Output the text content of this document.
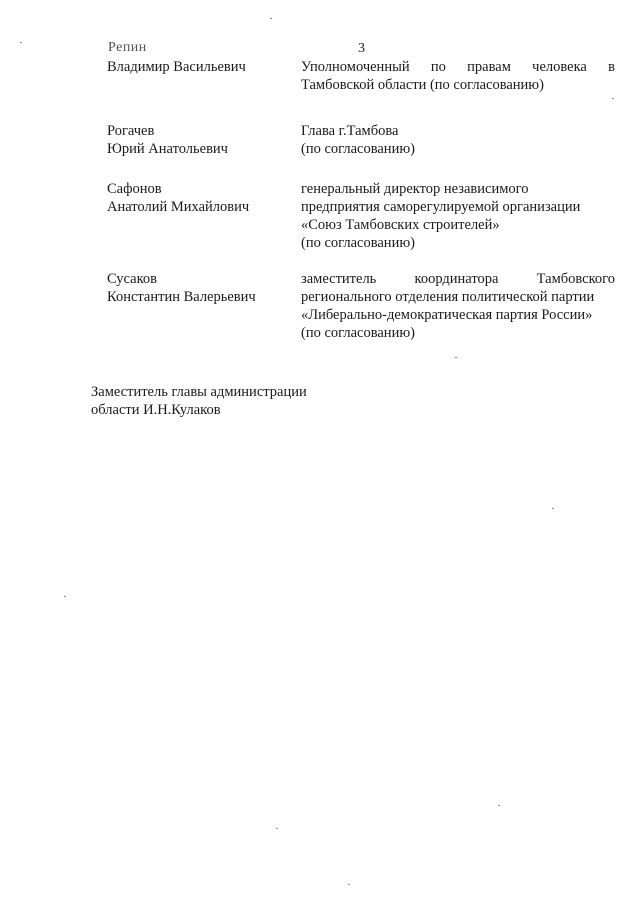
Репин	3
Владимир Васильевич	Уполномоченный по правам человека в
Тамбовской области (по согласованию)
Рогачев
Юрий Анатольевич
Глава г.Тамбова
(по согласованию)
Сафонов
Анатолий Михайлович
генеральный директор независимого
предприятия саморегулируемой организации
«Союз Тамбовских строителей»
(по согласованию)
Сусаков
Константин Валерьевич
заместитель координатора Тамбовского
регионального отделения политической партии
«Либерально-демократическая партия России»
(по согласованию)
Заместитель главы администрации
области И.Н.Кулаков
